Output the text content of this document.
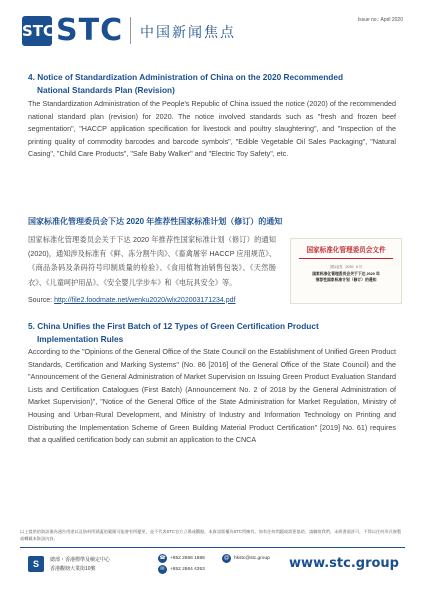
STC STC 中国新闻焦点
Issue no.: April 2020
4. Notice of Standardization Administration of China on the 2020 Recommended
National Standards Plan (Revision)

The Standardization Administration of the People's Republic of China issued the notice (2020) of the recommended national standard plan (revision) for 2020. The notice involved standards such as "fresh and frozen beef segmentation", "HACCP application specification for livestock and poultry slaughtering", and "Inspection of the printing quality of commodity barcodes and barcode symbols", "Edible Vegetable Oil Sales Packaging", "Natural Casing", "Child Care Products", "Safe Baby Walker" and "Electric Toy Safety", etc.

国家标准化管理委员会下达 2020 年推荐性国家标准计划（修订）的通知

国家标准化管理委员会关于下达 2020 年推荐性国家标准计划（修订）的通知(2020)，通知涉及标准有《鲜、冻分割牛肉》、《畜禽屠宰 HACCP 应用规范》、《商品条码及条码符号印制质量的检验》、《食用植物油销售包装》、《天然肠衣》、《儿童呵护用品》、《安全婴儿学步车》和《电玩具安全》等。

Source: http://file2.foodmate.net/wenku2020/wlx202003171234.pdf
国家标准化管理委员会文件
国标委发〔2020〕6 号
国家标准化管理委员会关于下达 2020 年
推荐性国家标准计划（修订）的通知
5. China Unifies the First Batch of 12 Types of Green Certification Product
Implementation Rules

According to the "Opinions of the General Office of the State Council on the Establishment of Unified Green Product Standards, Certification and Marking Systems" (No. 86 [2016] of the General Office of the State Council) and the "Announcement of the General Administration of Market Supervision on Issuing Green Product Evaluation Standard Lists and Certification Catalogues (First Batch) (Announcement No. 2 of 2018 by the General Administration of Market Supervision)", "Notice of the General Office of the State Administration for Market Regulation, Ministry of Housing and Urban-Rural Development, and Ministry of Industry and Information Technology on Printing and Distributing the Implementation Scheme of Green Building Material Product Certification" [2019] No. 61) requires that a qualified certification body can submit an application to the CNCA

以上提供的資訊僅為通告用途以及資料所涵蓋的範圍可能會有所變更，並不代表STC官方立場或觀點。本資訊版權為STC所擁有。如有任何問題或需要協助，請聯絡我們。未經書面許可，不得以任何形式複製或轉載本資訊內容。
S	總部・香港標準及檢定中心
香港觀塘大業街10號
☎ +852 2666 1888
✉	+852 2664 4353
@	hkstc@stc.group www.stc.group
